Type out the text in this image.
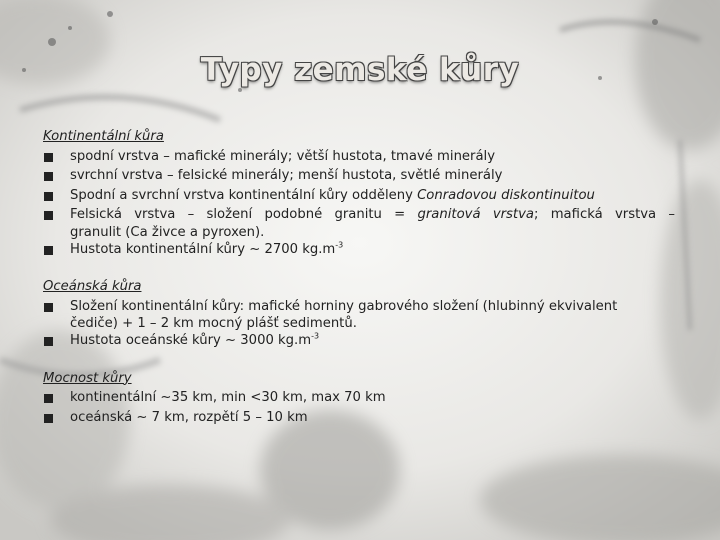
Typy zemské kůry

Kontinentální kůra

spodní vrstva – mafické minerály; větší hustota, tmavé minerály
svrchní vrstva – felsické minerály; menší hustota, světlé minerály
Spodní a svrchní vrstva kontinentální kůry odděleny Conradovou diskontinuitou
Felsická vrstva – složení podobné granitu = granitová vrstva; mafická vrstva –
granulit (Ca živce a pyroxen).
Hustota kontinentální kůry ~ 2700 $kg.m^{-3}$

Oceánská kůra

Složení kontinentální kůry: mafické horniny gabrového složení (hlubinný ekvivalent
čediče) + 1 – 2 km mocný plášť sedimentů.
Hustota oceánské kůry ~ 3000 $kg.m^{-3}$

Mocnost kůry

kontinentální ~35 km, min <30 km, max 70 km
oceánská ~ 7 km, rozpětí 5 – 10 km
